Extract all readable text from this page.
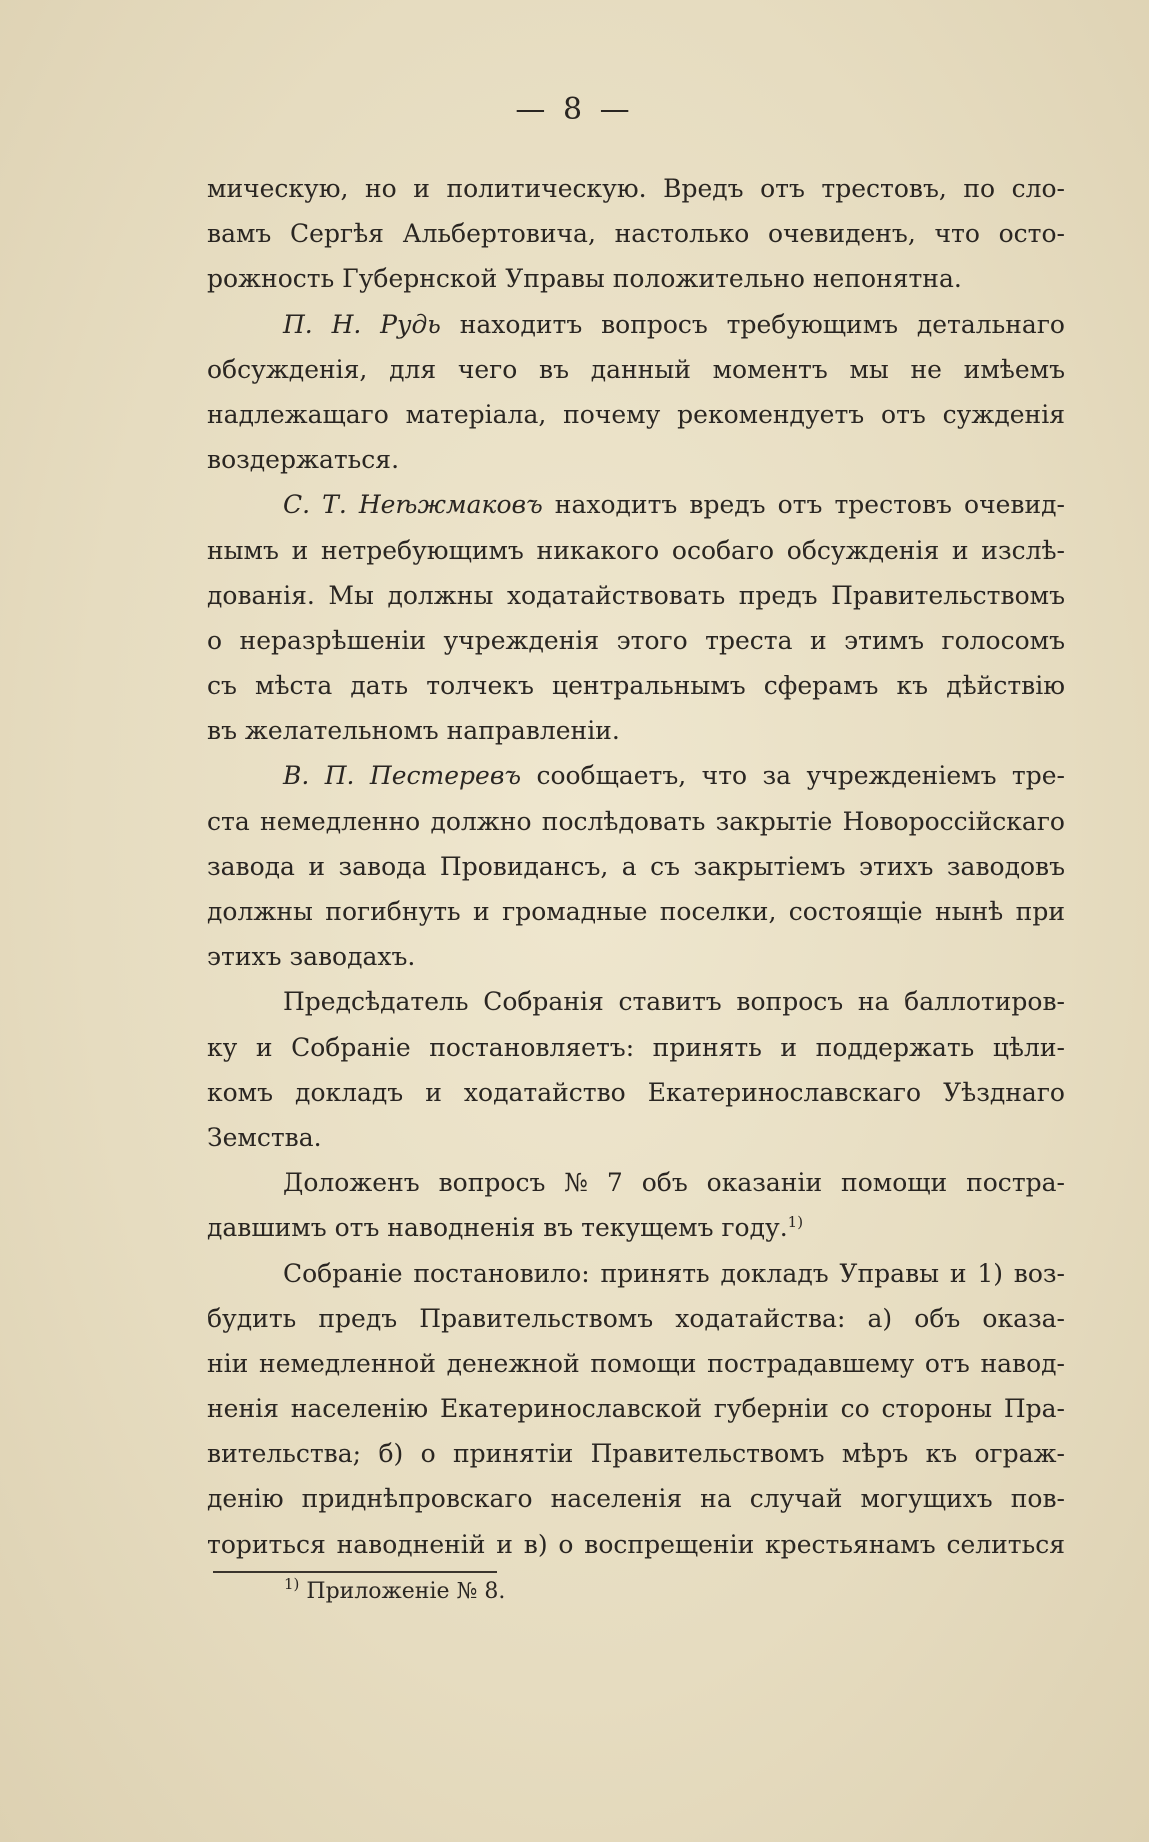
— 8 —
мическую, но и политическую. Вредъ отъ трестовъ, по сло-
вамъ Сергѣя Альбертовича, настолько очевиденъ, что осто-
рожность Губернской Управы положительно непонятна.
П. Н. Рудь находитъ вопросъ требующимъ детальнаго
обсужденія, для чего въ данный моментъ мы не имѣемъ
надлежащаго матеріала, почему рекомендуетъ отъ сужденія
воздержаться.
С. Т. Неѣжмаковъ находитъ вредъ отъ трестовъ очевид-
нымъ и нетребующимъ никакого особаго обсужденія и изслѣ-
дованія. Мы должны ходатайствовать предъ Правительствомъ
о неразрѣшеніи учрежденія этого треста и этимъ голосомъ
съ мѣста дать толчекъ центральнымъ сферамъ къ дѣйствію
въ желательномъ направленіи.
В. П. Пестеревъ сообщаетъ, что за учрежденіемъ тре-
ста немедленно должно послѣдовать закрытіе Новороссійскаго
завода и завода Провидансъ, а съ закрытіемъ этихъ заводовъ
должны погибнуть и громадные поселки, состоящіе нынѣ при
этихъ заводахъ.
Предсѣдатель Собранія ставитъ вопросъ на баллотиров-
ку и Собраніе постановляетъ: принять и поддержать цѣли-
комъ докладъ и ходатайство Екатеринославскаго Уѣзднаго
Земства.
Доложенъ вопросъ № 7 объ оказаніи помощи пострa-
давшимъ отъ наводненія въ текущемъ году.$^{1)}$
Собраніе постановило: принять докладъ Управы и 1) воз-
будить предъ Правительствомъ ходатайства: а) объ оказа-
ніи немедленной денежной помощи пострадавшему отъ навод-
ненія населенію Екатеринославской губерніи со стороны Пра-
вительства; б) о принятіи Правительствомъ мѣръ къ ограж-
денію приднѣпровскаго населенія на случай могущихъ пов-
ториться наводненій и в) о воспрещеніи крестьянамъ селиться
$^{1)}$ Приложеніе № 8.
